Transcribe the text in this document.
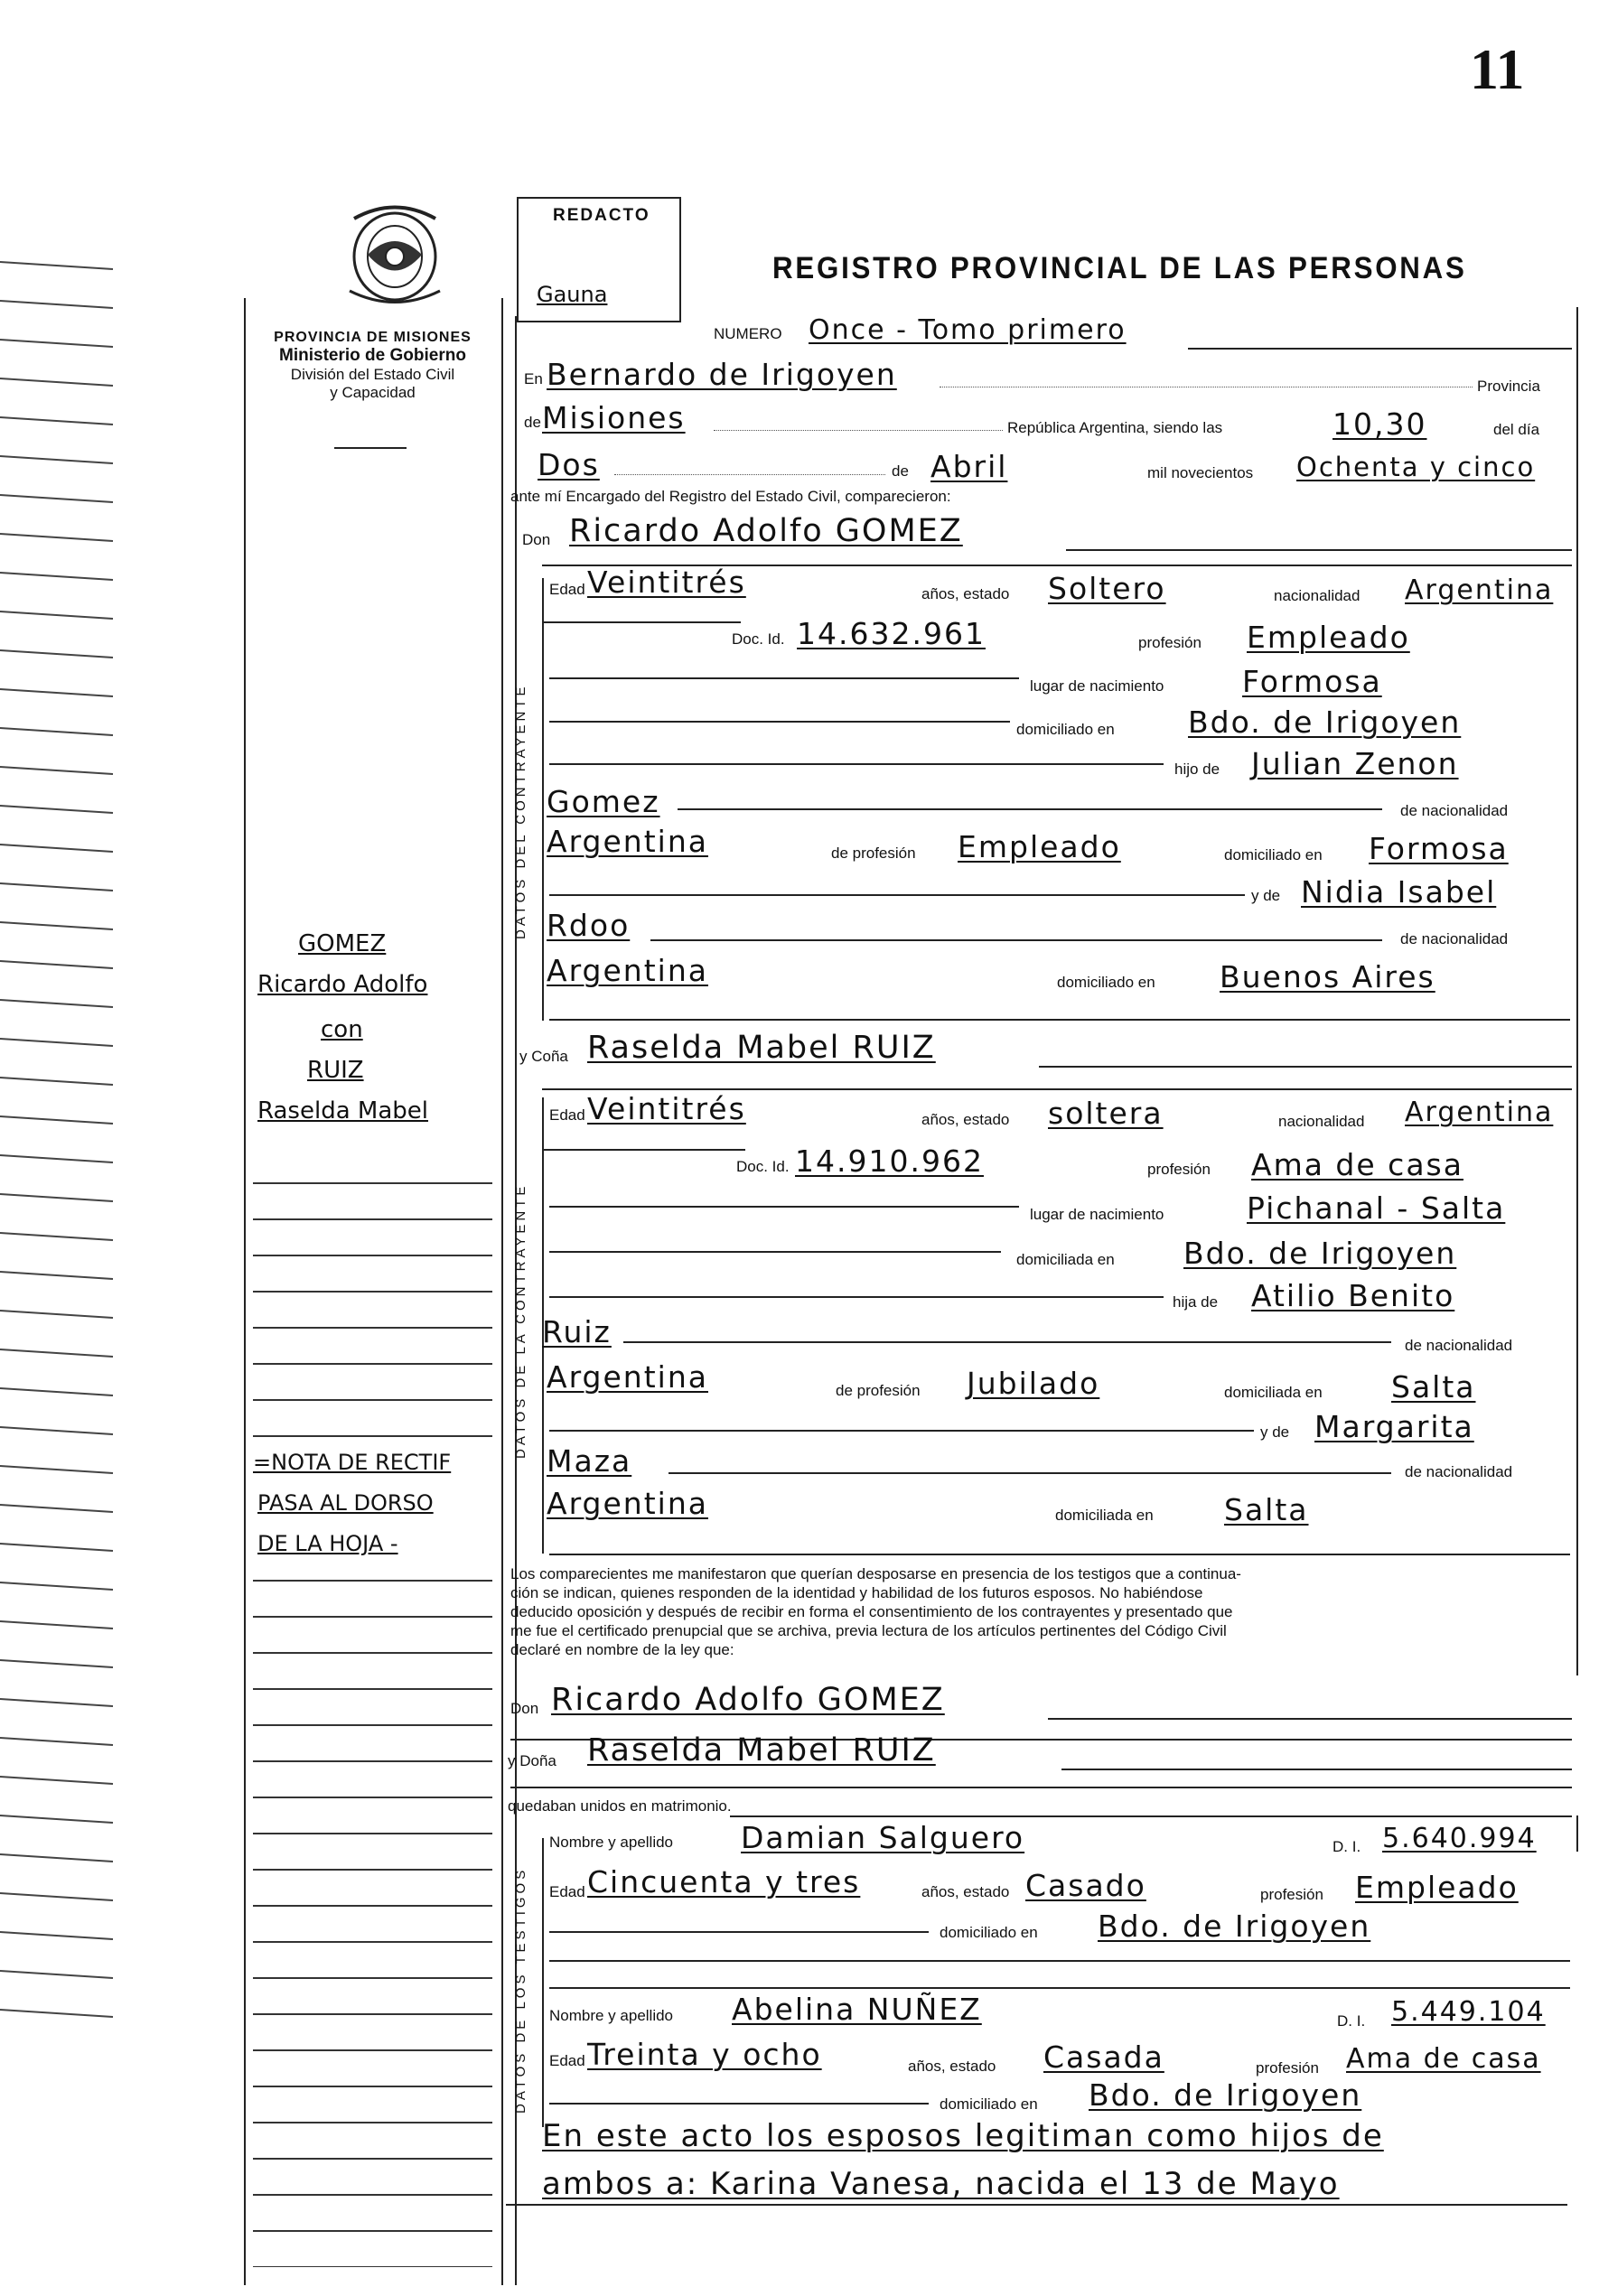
11
PROVINCIA DE MISIONES
Ministerio de Gobierno
División del Estado Civil
y Capacidad
GOMEZ
Ricardo Adolfo
con
RUIZ
Raselda Mabel
=NOTA DE RECTIF
PASA AL DORSO
DE LA HOJA -
REDACTO
Gauna
REGISTRO PROVINCIAL DE LAS PERSONAS
NUMERO Once - Tomo primero
En Bernardo de Irigoyen	Provincia
de Misiones	República Argentina, siendo las	10,30	del día
Dos	de Abril	mil novecientos Ochenta y cinco
ante mí Encargado del Registro del Estado Civil, comparecieron:
Don Ricardo Adolfo GOMEZ
DATOS DEL CONTRAYENTE
Edad Veintitrés	años, estado Soltero	nacionalidad Argentina
Doc. Id. 14.632.961	profesión Empleado
lugar de nacimiento	Formosa
domiciliado en Bdo. de Irigoyen
hijo de Julian Zenon
Gomez	de nacionalidad
Argentina	de profesión Empleado	domiciliado en Formosa
y de Nidia Isabel
Rdoo	de nacionalidad
Argentina	domiciliado en Buenos Aires
y Coña Raselda Mabel RUIZ
DATOS DE LA CONTRAYENTE
Edad Veintitrés	años, estado soltera	nacionalidad Argentina
Doc. Id. 14.910.962	profesión Ama de casa
lugar de nacimiento	Pichanal - Salta
domiciliada en Bdo. de Irigoyen
hija de Atilio Benito
Ruiz	de nacionalidad
Argentina	de profesión Jubilado	domiciliada en Salta
y de Margarita
Maza	de nacionalidad
Argentina	domiciliada en Salta
Los comparecientes me manifestaron que querían desposarse en presencia de los testigos que a continua-
ción se indican, quienes responden de la identidad y habilidad de los futuros esposos. No habiéndose
deducido oposición y después de recibir en forma el consentimiento de los contrayentes y presentado que
me fue el certificado prenupcial que se archiva, previa lectura de los artículos pertinentes del Código Civil
declaré en nombre de la ley que:
Don Ricardo Adolfo GOMEZ
y Doña Raselda Mabel RUIZ
quedaban unidos en matrimonio.
DATOS DE LOS TESTIGOS
Nombre y apellido Damian Salguero	D. I. 5.640.994
Edad Cincuenta y tres	años, estado Casado	profesión Empleado
domiciliado en Bdo. de Irigoyen
Nombre y apellido Abelina NUÑEZ	D. I. 5.449.104
Edad Treinta y ocho	años, estado Casada	profesión Ama de casa
domiciliado en Bdo. de Irigoyen
En este acto los esposos legitiman como hijos de
ambos a: Karina Vanesa, nacida el 13 de Mayo
